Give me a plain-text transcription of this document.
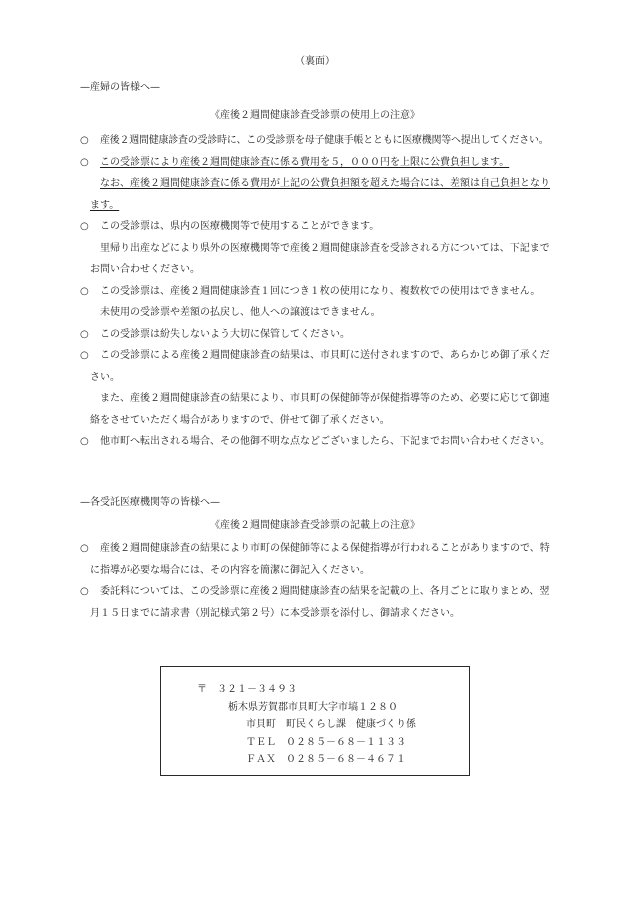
（裏面）
—産婦の皆様へ—
《産後２週間健康診査受診票の使用上の注意》

○ 産後２週間健康診査の受診時に、この受診票を母子健康手帳とともに医療機関等へ提出してください。

○ この受診票により産後２週間健康診査に係る費用を５，０００円を上限に公費負担します。

なお、産後２週間健康診査に係る費用が上記の公費負担額を超えた場合には、差額は自己負担となります。

○ この受診票は、県内の医療機関等で使用することができます。

里帰り出産などにより県外の医療機関等で産後２週間健康診査を受診される方については、下記までお問い合わせください。

○ この受診票は、産後２週間健康診査１回につき１枚の使用になり、複数枚での使用はできません。

未使用の受診票や差額の払戻し、他人への譲渡はできません。

○ この受診票は紛失しないよう大切に保管してください。

○ この受診票による産後２週間健康診査の結果は、市貝町に送付されますので、あらかじめ御了承ください。

また、産後２週間健康診査の結果により、市貝町の保健師等が保健指導等のため、必要に応じて御連絡をさせていただく場合がありますので、併せて御了承ください。

○ 他市町へ転出される場合、その他御不明な点などございましたら、下記までお問い合わせください。

—各受託医療機関等の皆様へ—
《産後２週間健康診査受診票の記載上の注意》

○ 産後２週間健康診査の結果により市町の保健師等による保健指導が行われることがありますので、特に指導が必要な場合には、その内容を簡潔に御記入ください。

○ 委託料については、この受診票に産後２週間健康診査の結果を記載の上、各月ごとに取りまとめ、翌月１５日までに請求書（別記様式第２号）に本受診票を添付し、御請求ください。

〒　３２１－３４９３
栃木県芳賀郡市貝町大字市塙１２８０
市貝町　町民くらし課　健康づくり係
ＴＥＬ　０２８５－６８－１１３３
ＦＡＸ　０２８５－６８－４６７１
